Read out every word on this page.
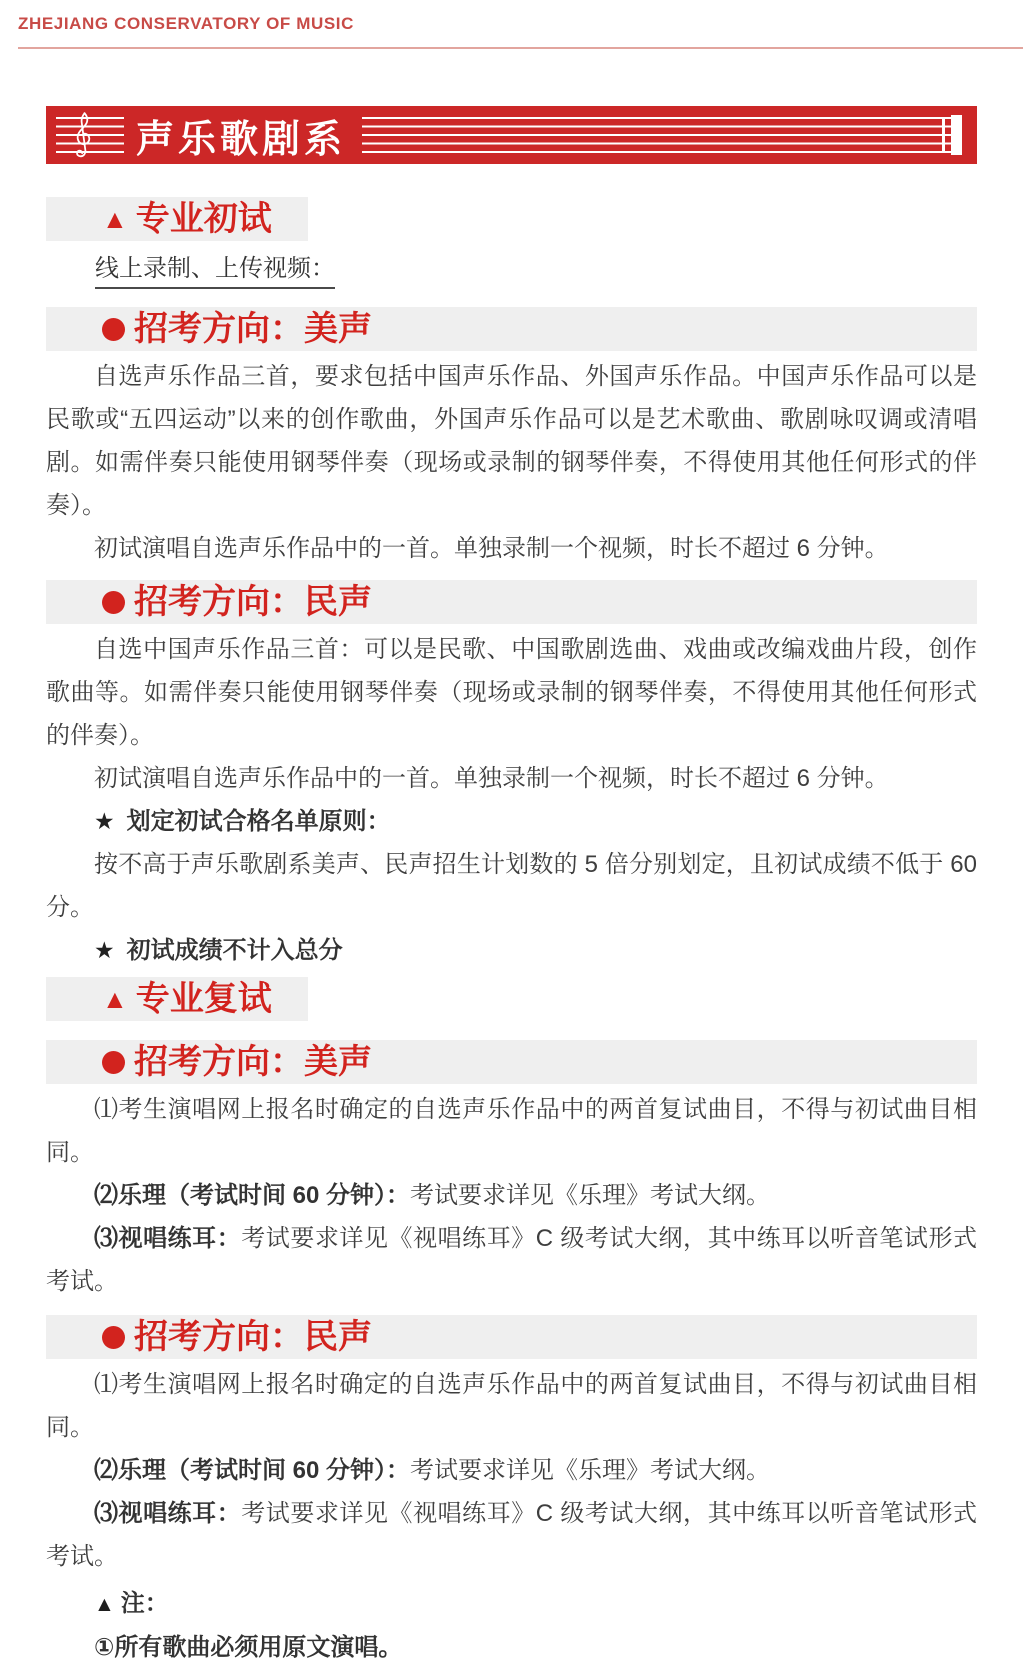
ZHEJIANG CONSERVATORY OF MUSIC
声乐歌剧系
▲ 专业初试
线上录制、上传视频：
招考方向：美声

自选声乐作品三首，要求包括中国声乐作品、外国声乐作品。中国声乐作品可以是民歌或“五四运动”以来的创作歌曲，外国声乐作品可以是艺术歌曲、歌剧咏叹调或清唱剧。如需伴奏只能使用钢琴伴奏（现场或录制的钢琴伴奏，不得使用其他任何形式的伴奏）。

初试演唱自选声乐作品中的一首。单独录制一个视频，时长不超过 6 分钟。

招考方向：民声

自选中国声乐作品三首：可以是民歌、中国歌剧选曲、戏曲或改编戏曲片段，创作歌曲等。如需伴奏只能使用钢琴伴奏（现场或录制的钢琴伴奏，不得使用其他任何形式的伴奏）。

初试演唱自选声乐作品中的一首。单独录制一个视频，时长不超过 6 分钟。

★ 划定初试合格名单原则：

按不高于声乐歌剧系美声、民声招生计划数的 5 倍分别划定，且初试成绩不低于 60 分。

★ 初试成绩不计入总分

▲ 专业复试
招考方向：美声

⑴考生演唱网上报名时确定的自选声乐作品中的两首复试曲目，不得与初试曲目相同。

⑵乐理（考试时间 60 分钟）：考试要求详见《乐理》考试大纲。

⑶视唱练耳：考试要求详见《视唱练耳》C 级考试大纲，其中练耳以听音笔试形式考试。

招考方向：民声

⑴考生演唱网上报名时确定的自选声乐作品中的两首复试曲目，不得与初试曲目相同。

⑵乐理（考试时间 60 分钟）：考试要求详见《乐理》考试大纲。

⑶视唱练耳：考试要求详见《视唱练耳》C 级考试大纲，其中练耳以听音笔试形式考试。

▲ 注：

①所有歌曲必须用原文演唱。
